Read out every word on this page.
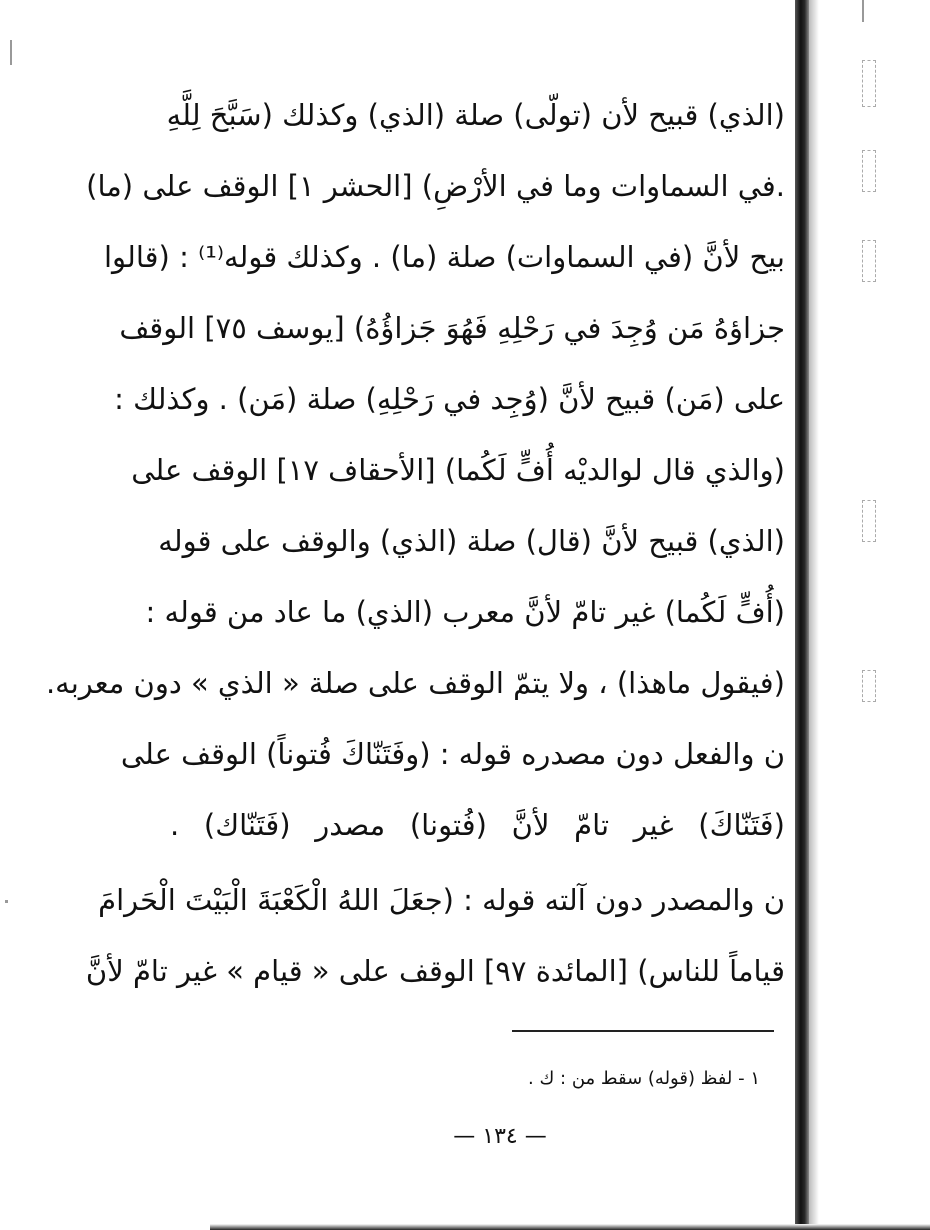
(الذي) قبيح لأن (تولّى) صلة (الذي) وكذلك (سَبَّحَ لِلَّهِ
.في السماوات وما في الأرْضِ) [الحشر ١] الوقف على (ما)
بيح لأنَّ (في السماوات) صلة (ما) . وكذلك قوله⁽¹⁾ : (قالوا
جزاؤهُ مَن وُجِدَ في رَحْلِهِ فَهُوَ جَزاؤُهُ) [يوسف ٧٥] الوقف
على (مَن) قبيح لأنَّ (وُجِد في رَحْلِهِ) صلة (مَن) . وكذلك :
(والذي قال لوالديْه أُفٍّ لَكُما) [الأحقاف ١٧] الوقف على
(الذي) قبيح لأنَّ (قال) صلة (الذي) والوقف على قوله
(أُفٍّ لَكُما) غير تامّ لأنَّ معرب (الذي) ما عاد من قوله :
(فيقول ماهذا) ، ولا يتمّ الوقف على صلة « الذي » دون معربه.
ن والفعل دون مصدره قوله : (وفَتَنّاكَ فُتوناً) الوقف على
(فَتَنّاكَ) غير تامّ لأنَّ (فُتونا) مصدر (فَتَنّاك) .
ن والمصدر دون آلته قوله : (جعَلَ اللهُ الْكَعْبَةَ الْبَيْتَ الْحَرامَ
قياماً للناس) [المائدة ٩٧] الوقف على « قيام » غير تامّ لأنَّ
١ - لفظ (قوله) سقط من : ك .
— ١٣٤ —
